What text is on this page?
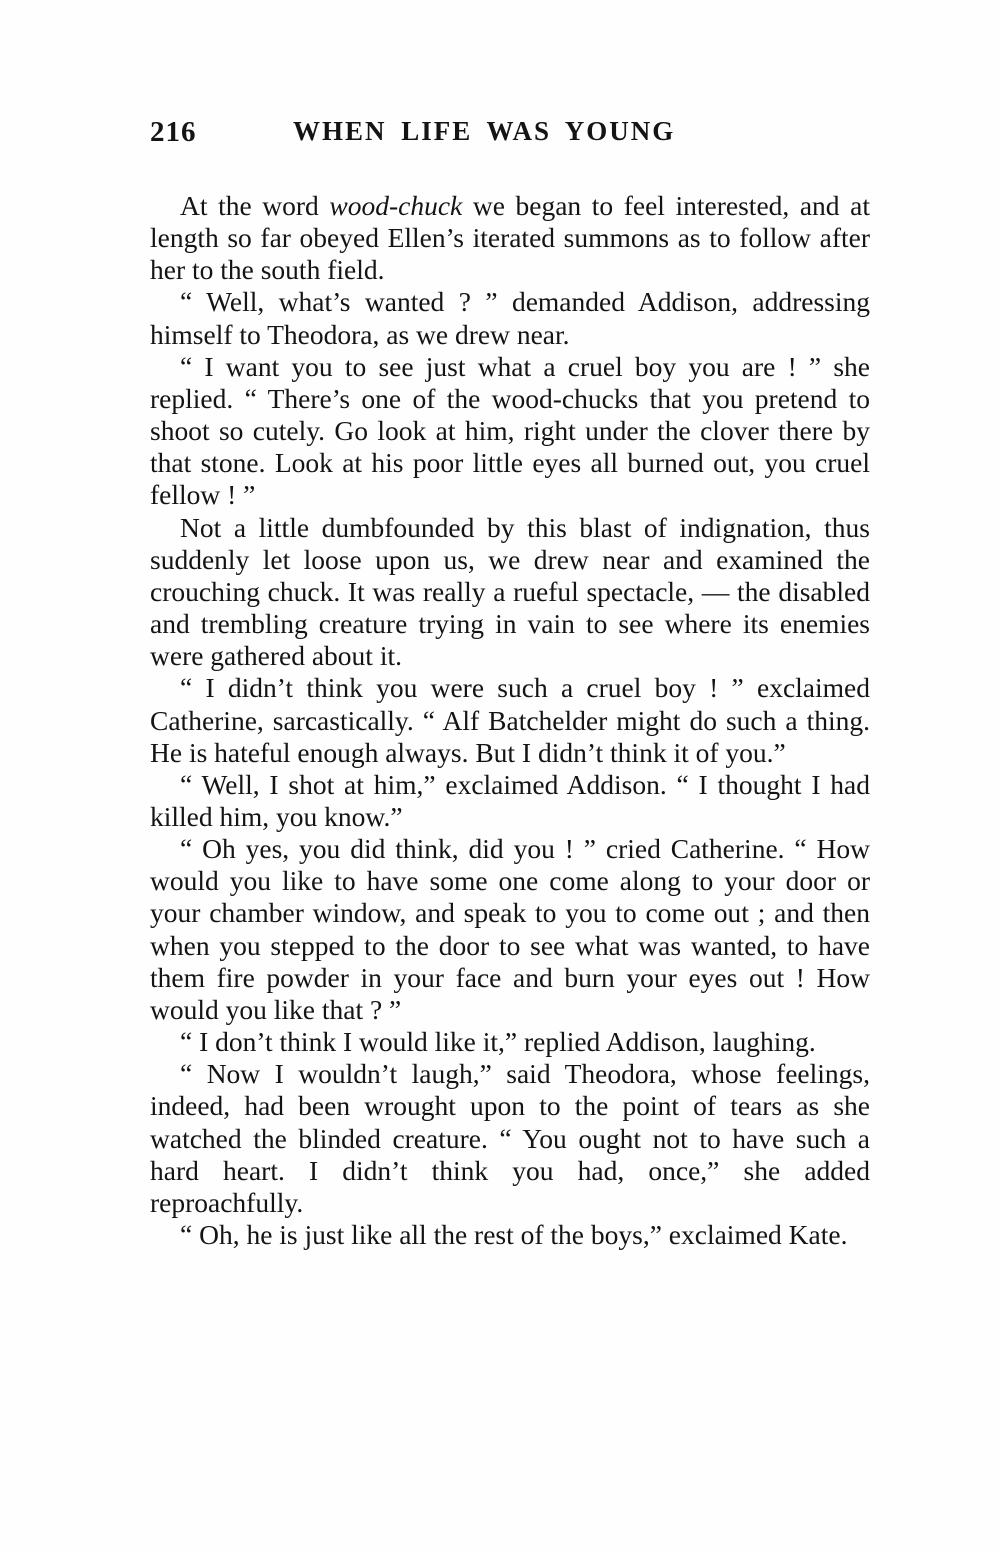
216	WHEN LIFE WAS YOUNG

At the word wood-chuck we began to feel interested, and at length so far obeyed Ellen’s iterated summons as to follow after her to the south field.

“ Well, what’s wanted ? ” demanded Addison, addressing himself to Theodora, as we drew near.

“ I want you to see just what a cruel boy you are ! ” she replied. “ There’s one of the wood-chucks that you pretend to shoot so cutely. Go look at him, right under the clover there by that stone. Look at his poor little eyes all burned out, you cruel fellow ! ”

Not a little dumbfounded by this blast of indignation, thus suddenly let loose upon us, we drew near and examined the crouching chuck. It was really a rueful spectacle, — the disabled and trembling creature trying in vain to see where its enemies were gathered about it.

“ I didn’t think you were such a cruel boy ! ” exclaimed Catherine, sarcastically. “ Alf Batchelder might do such a thing. He is hateful enough always. But I didn’t think it of you.”

“ Well, I shot at him,” exclaimed Addison. “ I thought I had killed him, you know.”

“ Oh yes, you did think, did you ! ” cried Catherine. “ How would you like to have some one come along to your door or your chamber window, and speak to you to come out ; and then when you stepped to the door to see what was wanted, to have them fire powder in your face and burn your eyes out ! How would you like that ? ”

“ I don’t think I would like it,” replied Addison, laughing.

“ Now I wouldn’t laugh,” said Theodora, whose feelings, indeed, had been wrought upon to the point of tears as she watched the blinded creature. “ You ought not to have such a hard heart. I didn’t think you had, once,” she added reproachfully.

“ Oh, he is just like all the rest of the boys,” exclaimed Kate.
